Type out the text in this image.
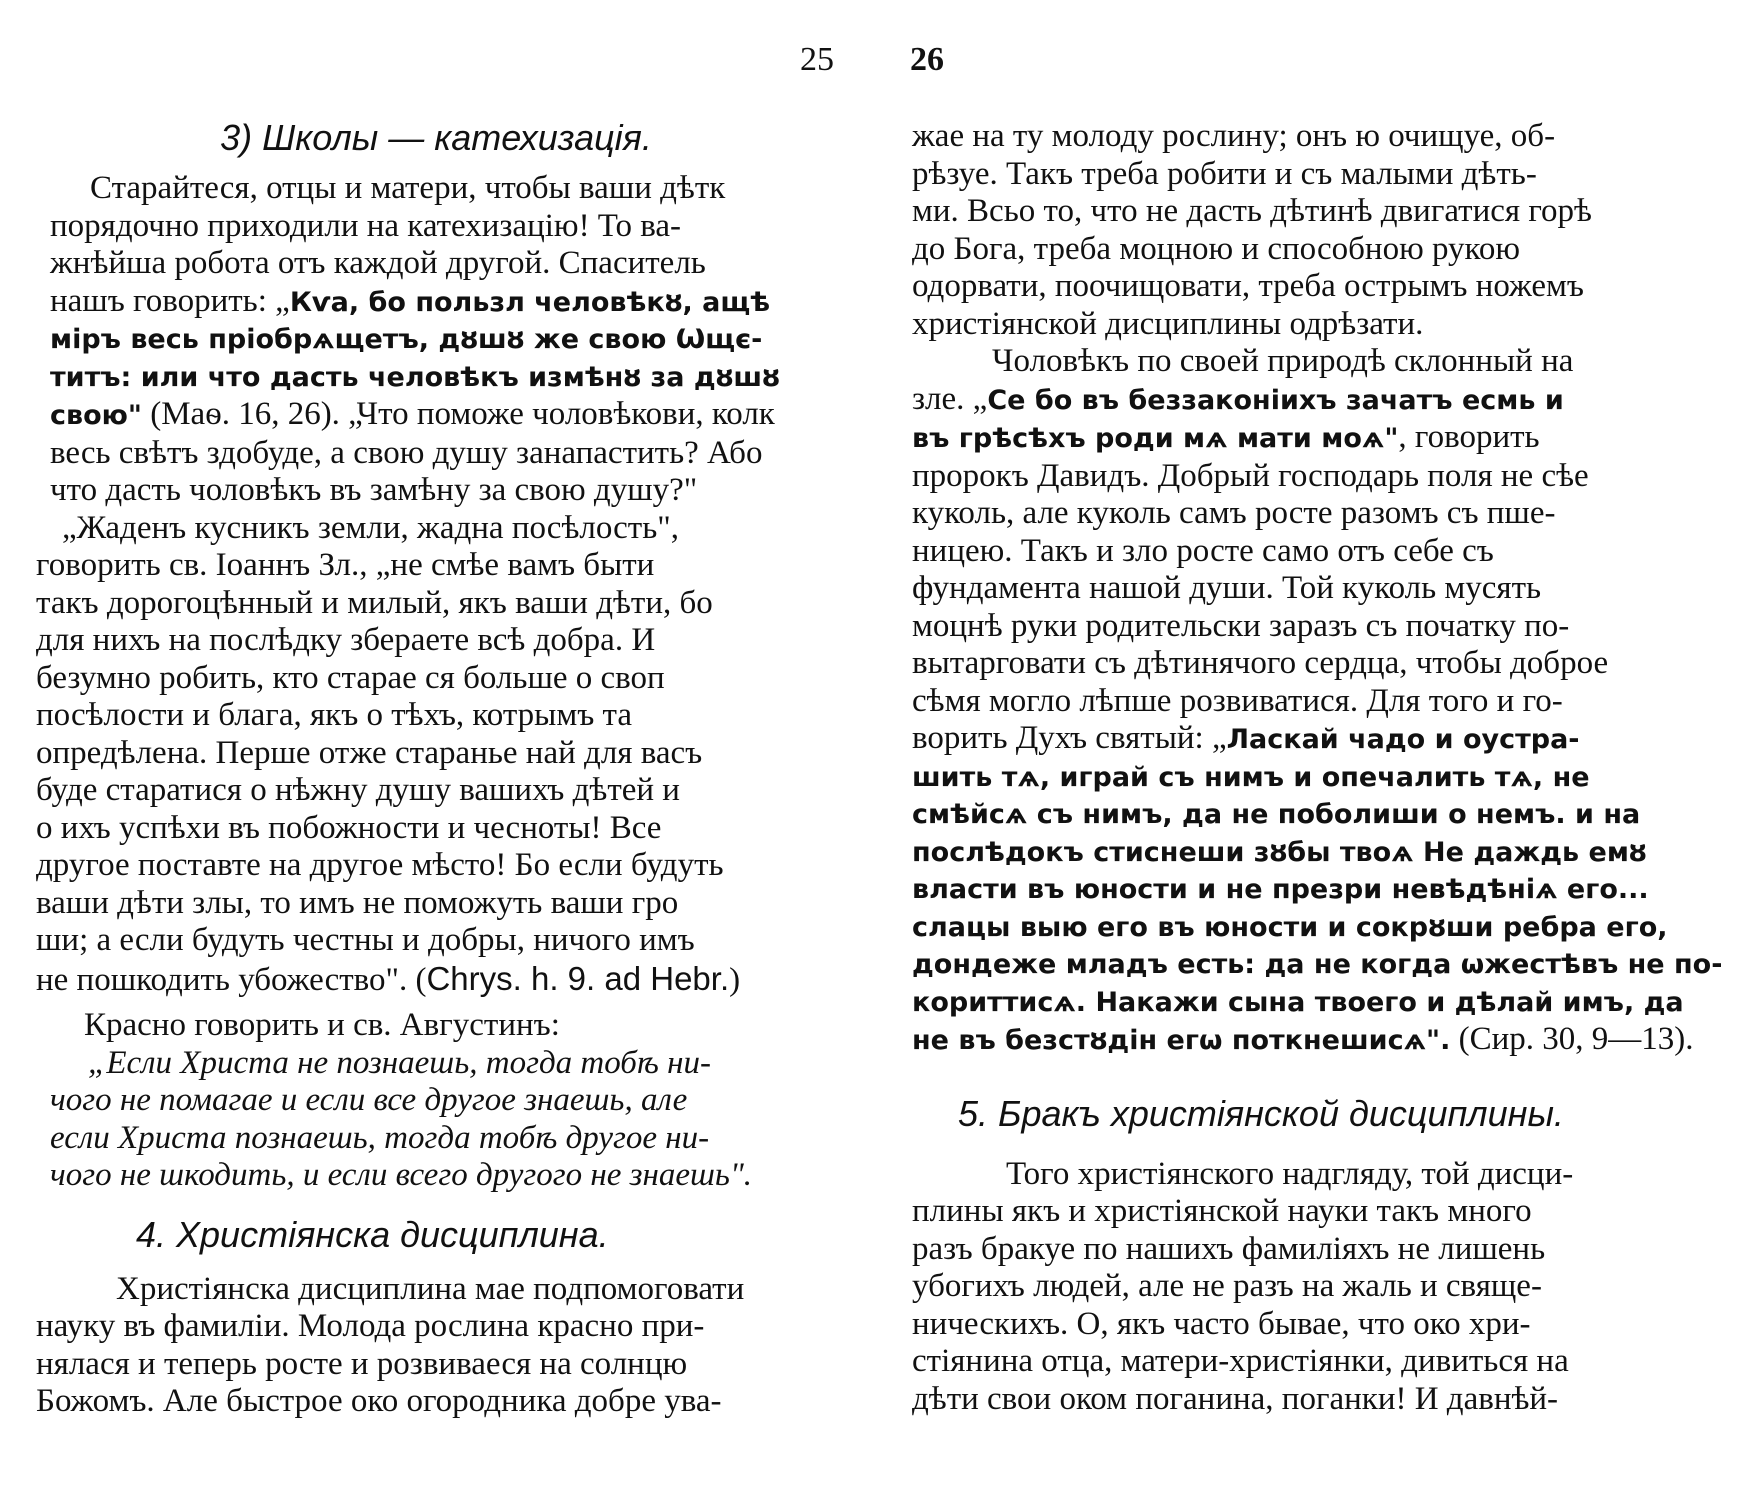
25 26
3) Школы — катехизація.
Старайтеся, отцы и матери, чтобы ваши дѣтк
порядочно приходили на катехизацію! То ва-
жнѣйша робота отъ каждой другой. Спаситель
нашъ говорить: „Кѵа, бо пользл человѣкȣ, ащѣ
міръ весь пріобрѧщетъ, дȣшȣ же свою Ѡщє-
титъ: или что дасть человѣкъ измѣнȣ за дȣшȣ
свою" (Маѳ. 16, 26). „Что поможе чоловѣкови, колк
весь свѣтъ здобуде, а свою душу занапастить? Або
что дасть чоловѣкъ въ замѣну за свою душу?"
„Жаденъ кусникъ земли, жадна посѣлость",
говорить св. Іоаннъ Зл., „не смѣе вамъ быти
такъ дорогоцѣнный и милый, якъ ваши дѣти, бо
для нихъ на послѣдку зберaете всѣ добра. И
безумно робить, кто старае ся больше о своп
посѣлости и блага, якъ о тѣхъ, котрымъ та
опредѣлена. Перше отже старанье най для васъ
буде старатися о нѣжну душу вашихъ дѣтей и
о ихъ успѣхи въ побожности и чесноты! Все
другое поставте на другое мѣсто! Бо если будуть
ваши дѣти злы, то имъ не поможуть ваши гро
ши; а если будуть честны и добры, ничого имъ
не пошкодить убожество". (Chrys. h. 9. ad Hebr.)
Красно говорить и св. Августинъ:
„Если Христа не познаешь, тогда тобѣ ни-
чого не помагае и если все другое знаешь, але
если Христа познаешь, тогда тобѣ другое ни-
чого не шкодить, и если всего другого не знаешь".
4. Христіянска дисциплина.
Христіянска дисциплина мае подпомоговати
науку въ фамиліи. Молода рослина красно при-
нялася и теперь росте и розвиваеся на солнцю
Божомъ. Але быстрое око огородника добре ува-
жае на ту молоду рослину; онъ ю очищуе, об-
рѣзуе. Такъ треба робити и съ малыми дѣть-
ми. Всьо то, что не дасть дѣтинѣ двигатися горѣ
до Бога, треба моцною и способною рукою
одорвати, поочищовати, треба острымъ ножемъ
христіянской дисциплины одрѣзати.
Чоловѣкъ по своей природѣ склонный на
злe. „Се бо въ беззаконіихъ зачатъ есмь и
въ грѣсѣхъ роди мѧ мати моѧ", говорить
пророкъ Давидъ. Добрый господарь поля не сѣе
куколь, але куколь самъ росте разомъ съ пше-
ницею. Такъ и зло росте само отъ себе съ
фундамента нашой души. Той куколь мусять
моцнѣ руки родительски заразъ съ початку по-
вытарговати съ дѣтинячого сердца, чтобы доброе
сѣмя могло лѣпше розвиватися. Для того и го-
ворить Духъ святый: „Ласкай чадо и оустра-
шить тѧ, играй съ нимъ и опечалить тѧ, не
смѣйсѧ съ нимъ, да не поболиши о немъ. и на
послѣдокъ стиснеши зȣбы твоѧ Не даждь емȣ
власти въ юности и не презри невѣдѣніѧ его...
слацы выю его въ юности и сокрȣши ребра его,
дондеже младъ есть: да не когда ѡжестѣвъ не по-
кориттисѧ. Накажи сына твоего и дѣлай имъ, да
не въ безстȣдін егѡ поткнешисѧ". (Сир. 30, 9—13).
5. Бракъ христіянской дисциплины.
Того христіянского надгляду, той дисци-
плины якъ и христіянской науки такъ много
разъ бракуе по нашихъ фамиліяхъ не лишень
убогихъ людей, але не разъ на жаль и свяще-
ническихъ. О, якъ часто бывае, что око хри-
стіянина отца, матери-христіянки, дивиться на
дѣти свои оком поганина, поганки! И давнѣй-
